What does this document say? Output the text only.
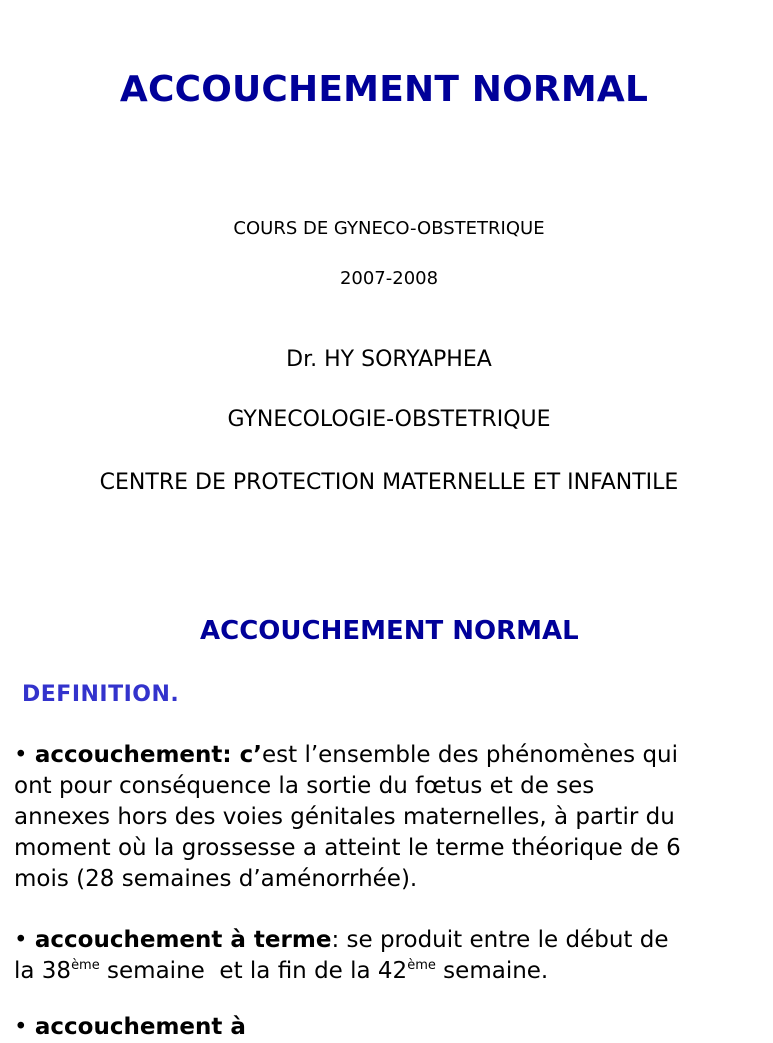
ACCOUCHEMENT NORMAL
COURS DE GYNECO-OBSTETRIQUE
2007-2008
Dr. HY SORYAPHEA
GYNECOLOGIE-OBSTETRIQUE
CENTRE DE PROTECTION MATERNELLE ET INFANTILE
ACCOUCHEMENT NORMAL
DEFINITION.
• accouchement: c’est l’ensemble des phénomènes qui
ont pour conséquence la sortie du fœtus et de ses
annexes hors des voies génitales maternelles, à partir du
moment où la grossesse a atteint le terme théorique de 6
mois (28 semaines d’aménorrhée).
• accouchement à terme: se produit entre le début de
la 38ème semaine  et la fin de la 42ème semaine.
• accouchement à
